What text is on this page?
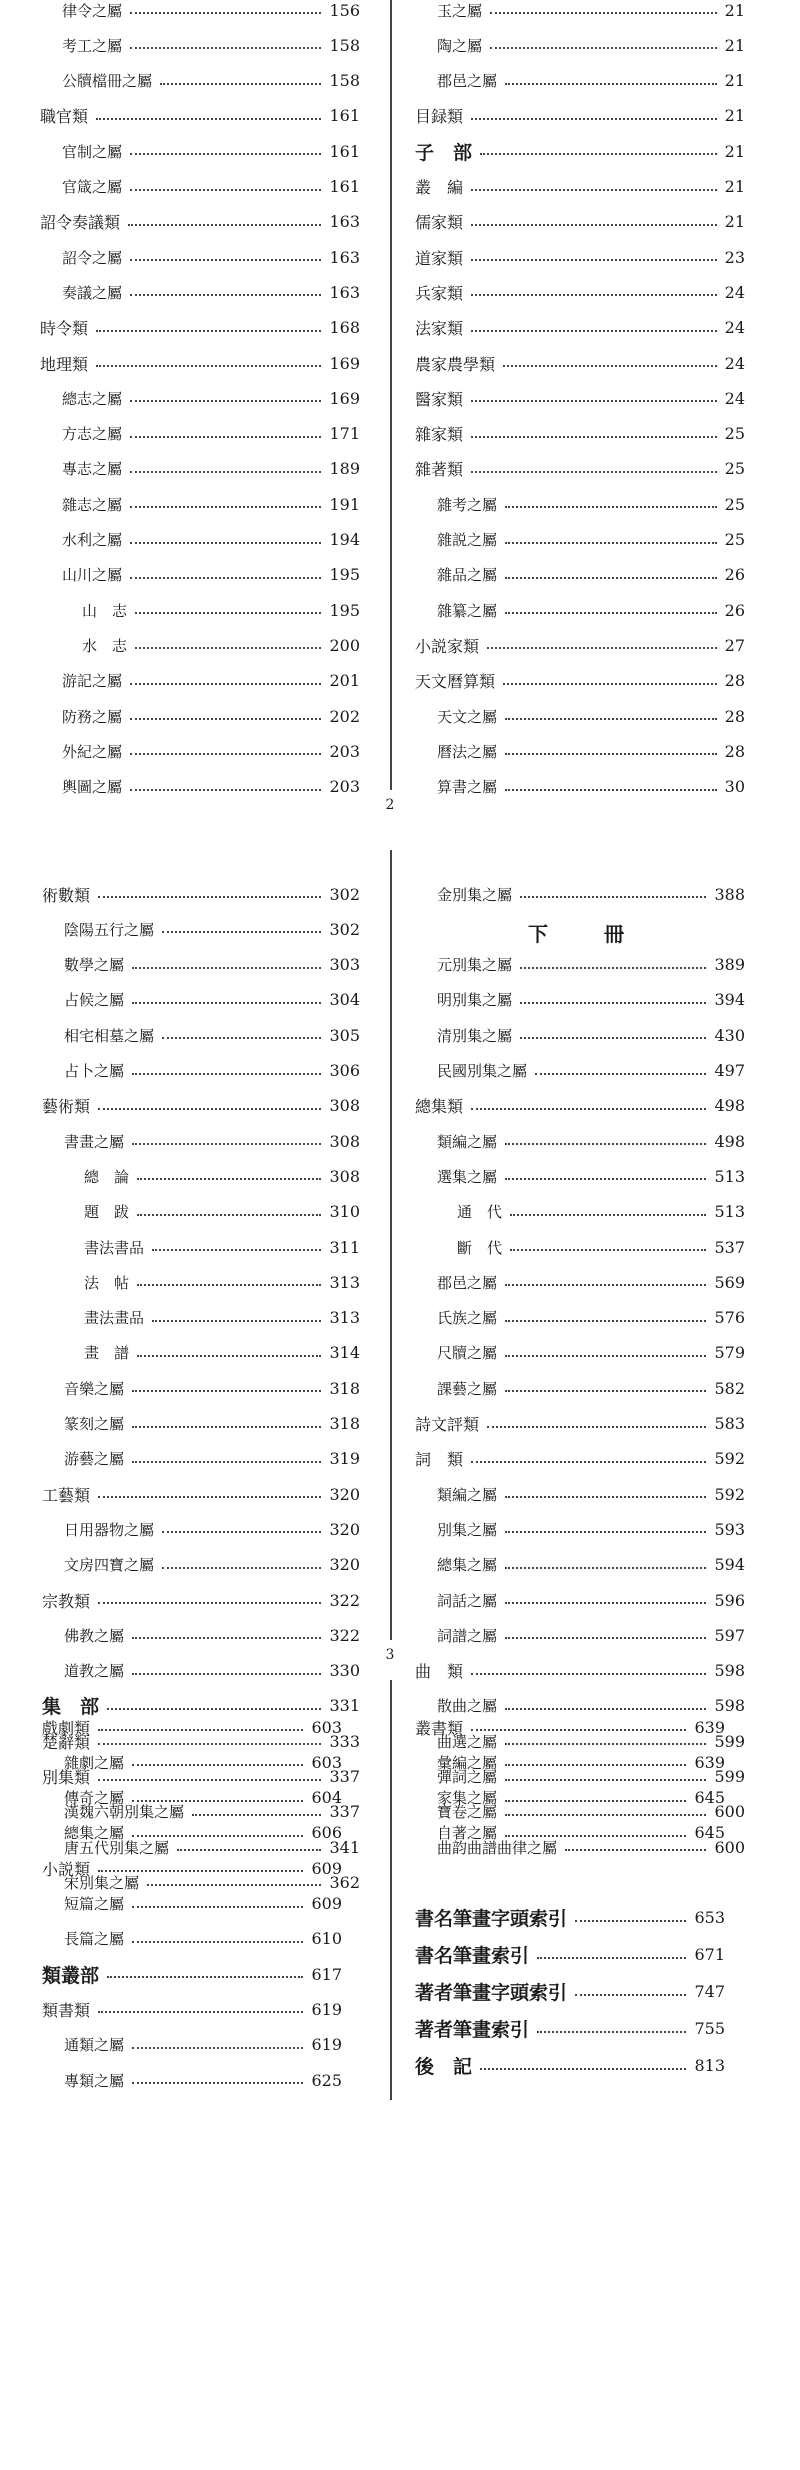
律令之屬	156
考工之屬	158
公牘檔冊之屬	158
職官類	161
官制之屬	161
官箴之屬	161
詔令奏議類	163
詔令之屬	163
奏議之屬	163
時令類	168
地理類	169
總志之屬	169
方志之屬	171
專志之屬	189
雜志之屬	191
水利之屬	194
山川之屬	195
山　志	195
水　志	200
游記之屬	201
防務之屬	202
外紀之屬	203
輿圖之屬	203
玉之屬	21
陶之屬	21
郡邑之屬	21
目録類	21
子　部	21
叢　編	21
儒家類	21
道家類	23
兵家類	24
法家類	24
農家農學類	24
醫家類	24
雜家類	25
雜著類	25
雜考之屬	25
雜説之屬	25
雜品之屬	26
雜纂之屬	26
小説家類	27
天文曆算類	28
天文之屬	28
曆法之屬	28
算書之屬	30
2
術數類	302
陰陽五行之屬	302
數學之屬	303
占候之屬	304
相宅相墓之屬	305
占卜之屬	306
藝術類	308
書畫之屬	308
總　論	308
題　跋	310
書法書品	311
法　帖	313
畫法畫品	313
畫　譜	314
音樂之屬	318
篆刻之屬	318
游藝之屬	319
工藝類	320
日用器物之屬	320
文房四寶之屬	320
宗教類	322
佛教之屬	322
道教之屬	330
集　部	331
楚辭類	333
別集類	337
漢魏六朝別集之屬	337
唐五代別集之屬	341
宋別集之屬	362
金別集之屬	388
下　冊
元別集之屬	389
明別集之屬	394
清別集之屬	430
民國別集之屬	497
總集類	498
類編之屬	498
選集之屬	513
通　代	513
斷　代	537
郡邑之屬	569
氏族之屬	576
尺牘之屬	579
課藝之屬	582
詩文評類	583
詞　類	592
類編之屬	592
別集之屬	593
總集之屬	594
詞話之屬	596
詞譜之屬	597
曲　類	598
散曲之屬	598
曲選之屬	599
彈詞之屬	599
寶卷之屬	600
曲韵曲譜曲律之屬	600
3
戲劇類	603
雜劇之屬	603
傳奇之屬	604
總集之屬	606
小説類	609
短篇之屬	609
長篇之屬	610
類叢部	617
類書類	619
通類之屬	619
專類之屬	625
叢書類	639
彙編之屬	639
家集之屬	645
自著之屬	645
書名筆畫字頭索引	653
書名筆畫索引	671
著者筆畫字頭索引	747
著者筆畫索引	755
後　記	813
